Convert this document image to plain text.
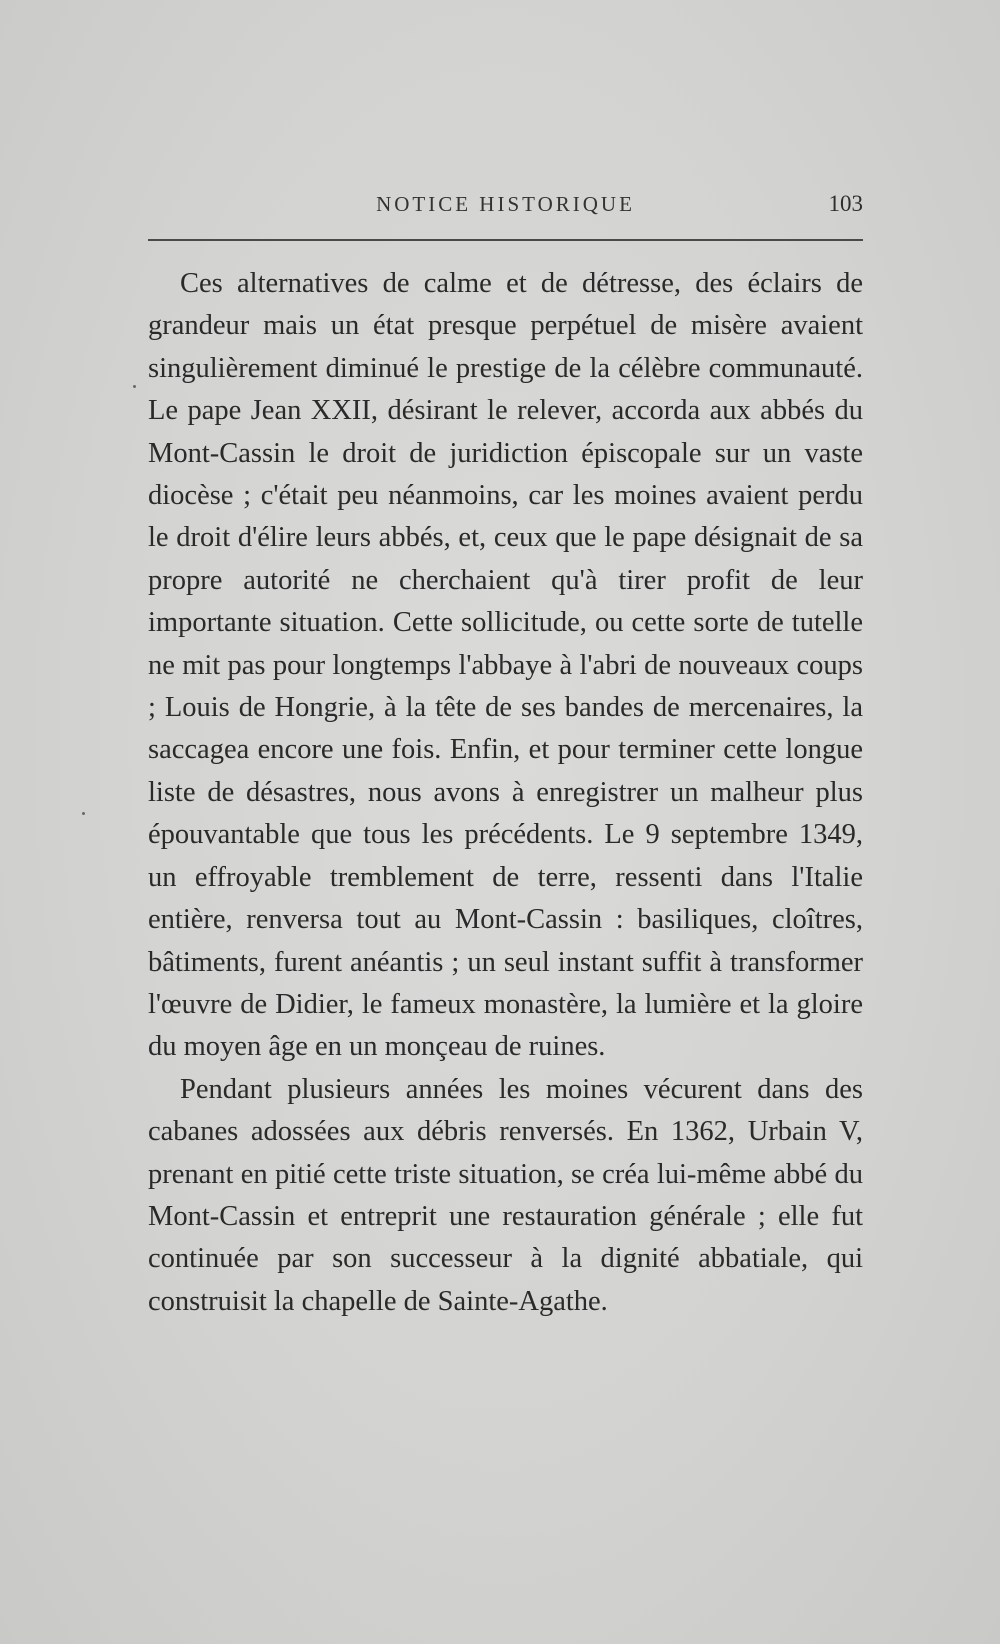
NOTICE HISTORIQUE	103

Ces alternatives de calme et de détresse, des éclairs de grandeur mais un état presque perpétuel de misère avaient singulièrement diminué le prestige de la célèbre communauté. Le pape Jean XXII, désirant le relever, accorda aux abbés du Mont-Cassin le droit de juridiction épiscopale sur un vaste diocèse ; c'était peu néanmoins, car les moines avaient perdu le droit d'élire leurs abbés, et, ceux que le pape désignait de sa propre autorité ne cherchaient qu'à tirer profit de leur importante situation. Cette sollicitude, ou cette sorte de tutelle ne mit pas pour longtemps l'abbaye à l'abri de nouveaux coups ; Louis de Hongrie, à la tête de ses bandes de mercenaires, la saccagea encore une fois. Enfin, et pour terminer cette longue liste de désastres, nous avons à enregistrer un malheur plus épouvantable que tous les précédents. Le 9 septembre 1349, un effroyable tremblement de terre, ressenti dans l'Italie entière, renversa tout au Mont-Cassin : basiliques, cloîtres, bâtiments, furent anéantis ; un seul instant suffit à transformer l'œuvre de Didier, le fameux monastère, la lumière et la gloire du moyen âge en un monçeau de ruines.

Pendant plusieurs années les moines vécurent dans des cabanes adossées aux débris renversés. En 1362, Urbain V, prenant en pitié cette triste situation, se créa lui-même abbé du Mont-Cassin et entreprit une restauration générale ; elle fut continuée par son successeur à la dignité abbatiale, qui construisit la chapelle de Sainte-Agathe.
